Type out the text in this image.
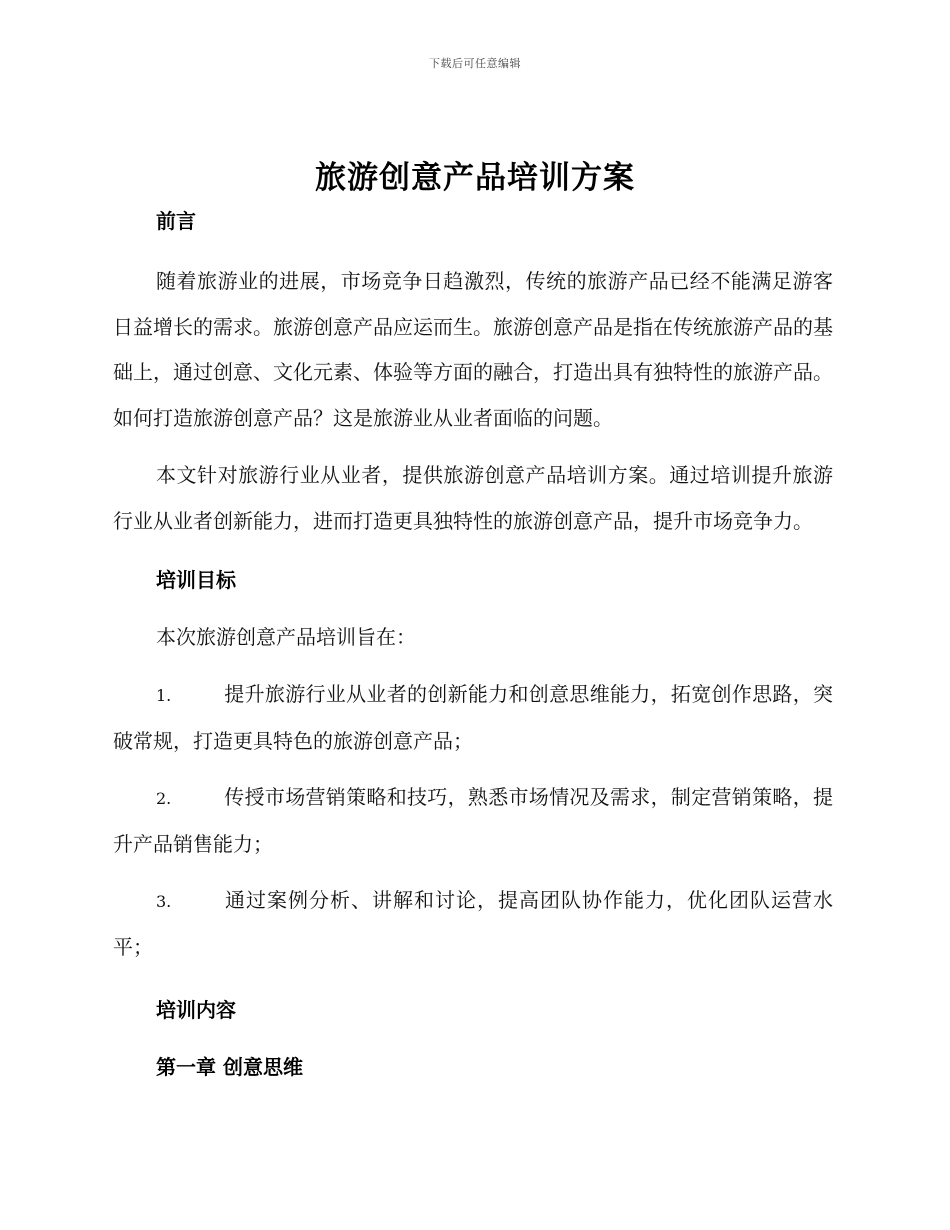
下载后可任意编辑
旅游创意产品培训方案
前言
随着旅游业的进展，市场竞争日趋激烈，传统的旅游产品已经不能满足游客日益增长的需求。旅游创意产品应运而生。旅游创意产品是指在传统旅游产品的基础上，通过创意、文化元素、体验等方面的融合，打造出具有独特性的旅游产品。如何打造旅游创意产品？这是旅游业从业者面临的问题。
本文针对旅游行业从业者，提供旅游创意产品培训方案。通过培训提升旅游行业从业者创新能力，进而打造更具独特性的旅游创意产品，提升市场竞争力。
培训目标
本次旅游创意产品培训旨在：
1.	提升旅游行业从业者的创新能力和创意思维能力，拓宽创作思路，突破常规，打造更具特色的旅游创意产品；
2.	传授市场营销策略和技巧，熟悉市场情况及需求，制定营销策略，提升产品销售能力；
3.	通过案例分析、讲解和讨论，提高团队协作能力，优化团队运营水平；
培训内容
第一章 创意思维
